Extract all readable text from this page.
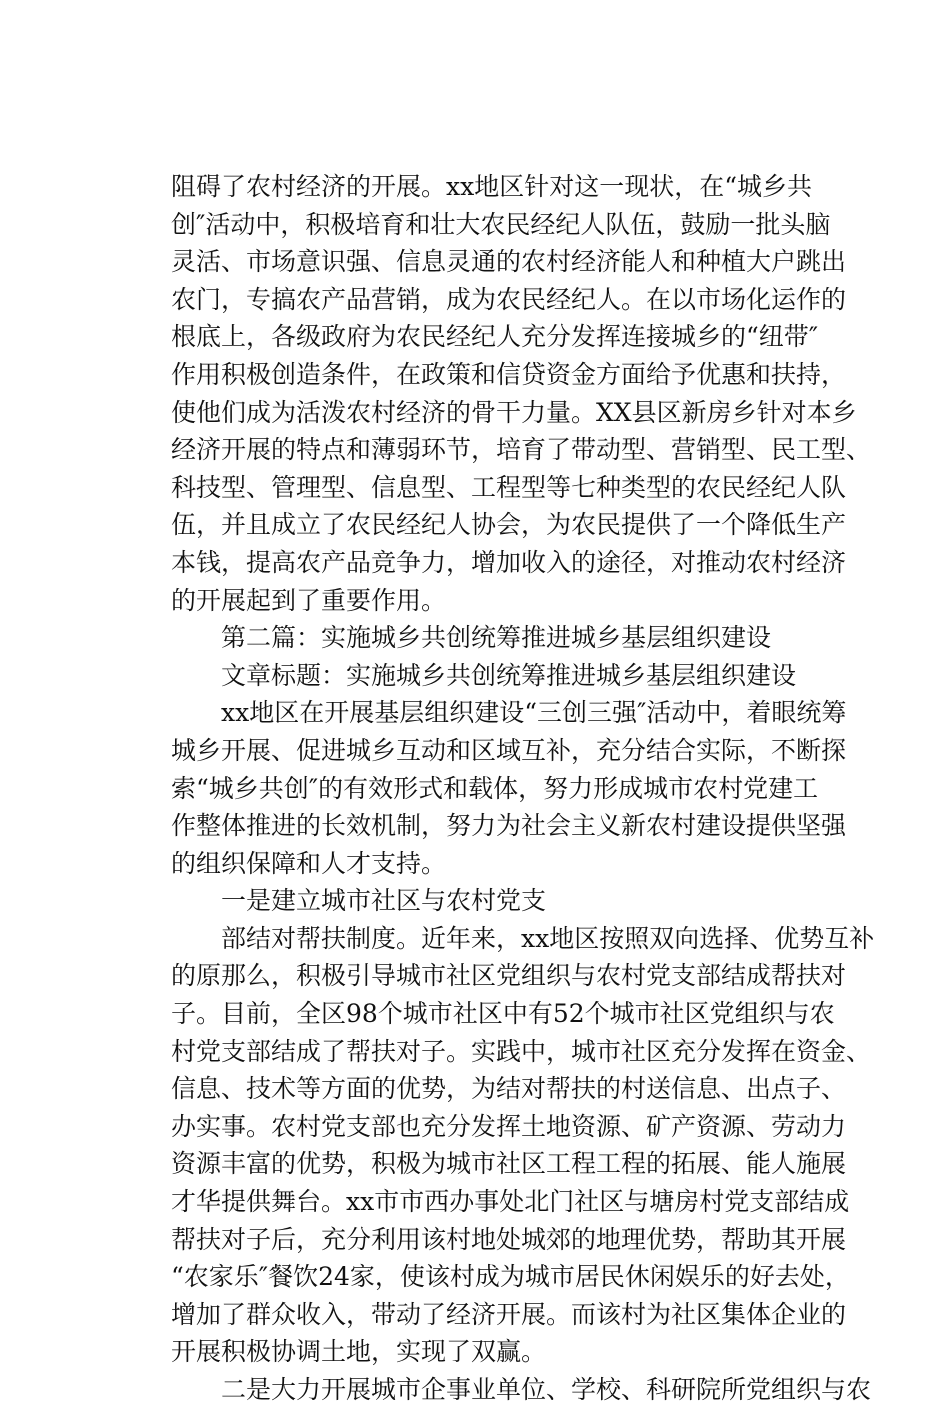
阻碍了农村经济的开展。xx地区针对这一现状，在“城乡共
创″活动中，积极培育和壮大农民经纪人队伍，鼓励一批头脑
灵活、市场意识强、信息灵通的农村经济能人和种植大户跳出
农门，专搞农产品营销，成为农民经纪人。在以市场化运作的
根底上，各级政府为农民经纪人充分发挥连接城乡的“纽带″
作用积极创造条件，在政策和信贷资金方面给予优惠和扶持，
使他们成为活泼农村经济的骨干力量。XX县区新房乡针对本乡
经济开展的特点和薄弱环节，培育了带动型、营销型、民工型、
科技型、管理型、信息型、工程型等七种类型的农民经纪人队
伍，并且成立了农民经纪人协会，为农民提供了一个降低生产
本钱，提高农产品竞争力，增加收入的途径，对推动农村经济
的开展起到了重要作用。
第二篇：实施城乡共创统筹推进城乡基层组织建设
文章标题：实施城乡共创统筹推进城乡基层组织建设
xx地区在开展基层组织建设“三创三强″活动中，着眼统筹
城乡开展、促进城乡互动和区域互补，充分结合实际，不断探
索“城乡共创″的有效形式和载体，努力形成城市农村党建工
作整体推进的长效机制，努力为社会主义新农村建设提供坚强
的组织保障和人才支持。
一是建立城市社区与农村党支
部结对帮扶制度。近年来，xx地区按照双向选择、优势互补
的原那么，积极引导城市社区党组织与农村党支部结成帮扶对
子。目前，全区98个城市社区中有52个城市社区党组织与农
村党支部结成了帮扶对子。实践中，城市社区充分发挥在资金、
信息、技术等方面的优势，为结对帮扶的村送信息、出点子、
办实事。农村党支部也充分发挥土地资源、矿产资源、劳动力
资源丰富的优势，积极为城市社区工程工程的拓展、能人施展
才华提供舞台。xx市市西办事处北门社区与塘房村党支部结成
帮扶对子后，充分利用该村地处城郊的地理优势，帮助其开展
“农家乐″餐饮24家，使该村成为城市居民休闲娱乐的好去处，
增加了群众收入，带动了经济开展。而该村为社区集体企业的
开展积极协调土地，实现了双赢。
二是大力开展城市企事业单位、学校、科研院所党组织与农
